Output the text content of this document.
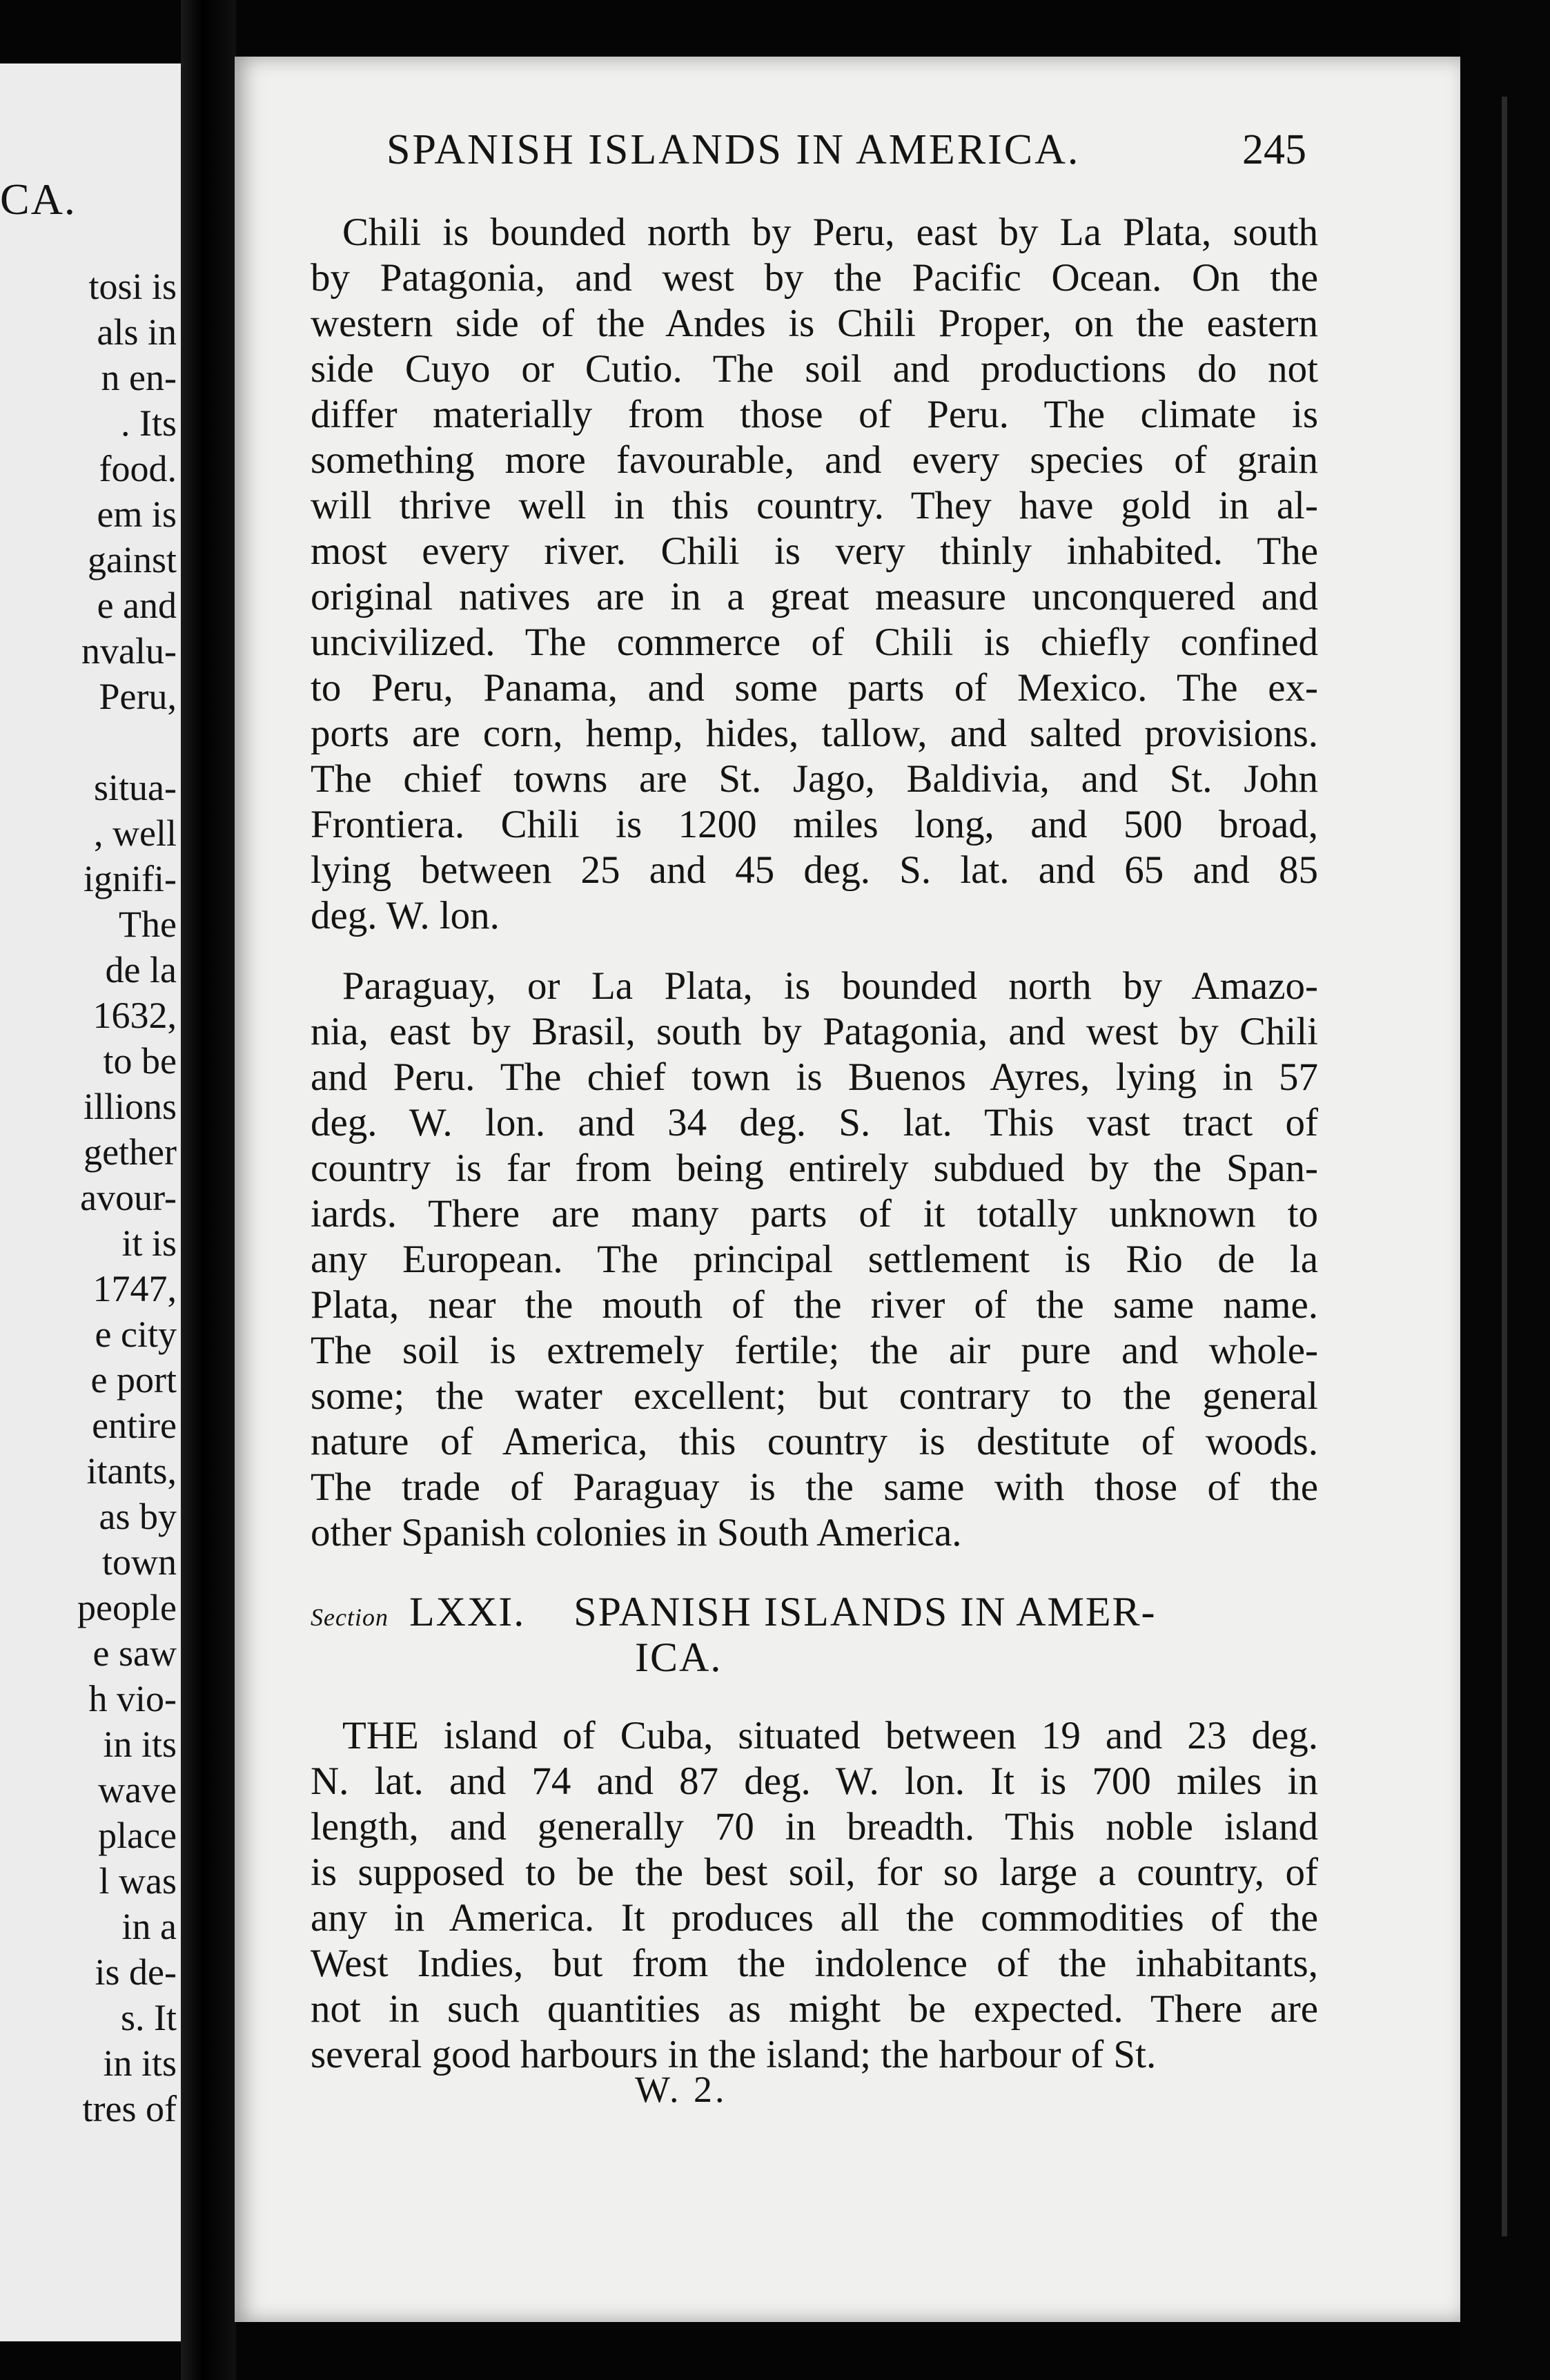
CA.
tosi is
als in
n en-
. Its
food.
em is
gainst
e and
nvalu-
Peru,
situa-
, well
ignifi-
The
de la
1632,
to be
illions
gether
avour-
it is
1747,
e city
e port
entire
itants,
as by
town
people
e saw
h vio-
in its
wave
place
l was
in a
is de-
s. It
in its
tres of
SPANISH ISLANDS IN AMERICA.	245
Chili is bounded north by Peru, east by La Plata, south
by Patagonia, and west by the Pacific Ocean. On the
western side of the Andes is Chili Proper, on the eastern
side Cuyo or Cutio. The soil and productions do not
differ materially from those of Peru. The climate is
something more favourable, and every species of grain
will thrive well in this country. They have gold in al-
most every river. Chili is very thinly inhabited. The
original natives are in a great measure unconquered and
uncivilized. The commerce of Chili is chiefly confined
to Peru, Panama, and some parts of Mexico. The ex-
ports are corn, hemp, hides, tallow, and salted provisions.
The chief towns are St. Jago, Baldivia, and St. John
Frontiera. Chili is 1200 miles long, and 500 broad,
lying between 25 and 45 deg. S. lat. and 65 and 85
deg. W. lon.
Paraguay, or La Plata, is bounded north by Amazo-
nia, east by Brasil, south by Patagonia, and west by Chili
and Peru. The chief town is Buenos Ayres, lying in 57
deg. W. lon. and 34 deg. S. lat. This vast tract of
country is far from being entirely subdued by the Span-
iards. There are many parts of it totally unknown to
any European. The principal settlement is Rio de la
Plata, near the mouth of the river of the same name.
The soil is extremely fertile; the air pure and whole-
some; the water excellent; but contrary to the general
nature of America, this country is destitute of woods.
The trade of Paraguay is the same with those of the
other Spanish colonies in South America.
Section LXXI. SPANISH ISLANDS IN AMER-
ICA.
THE island of Cuba, situated between 19 and 23 deg.
N. lat. and 74 and 87 deg. W. lon. It is 700 miles in
length, and generally 70 in breadth. This noble island
is supposed to be the best soil, for so large a country, of
any in America. It produces all the commodities of the
West Indies, but from the indolence of the inhabitants,
not in such quantities as might be expected. There are
several good harbours in the island; the harbour of St.
W. 2.
